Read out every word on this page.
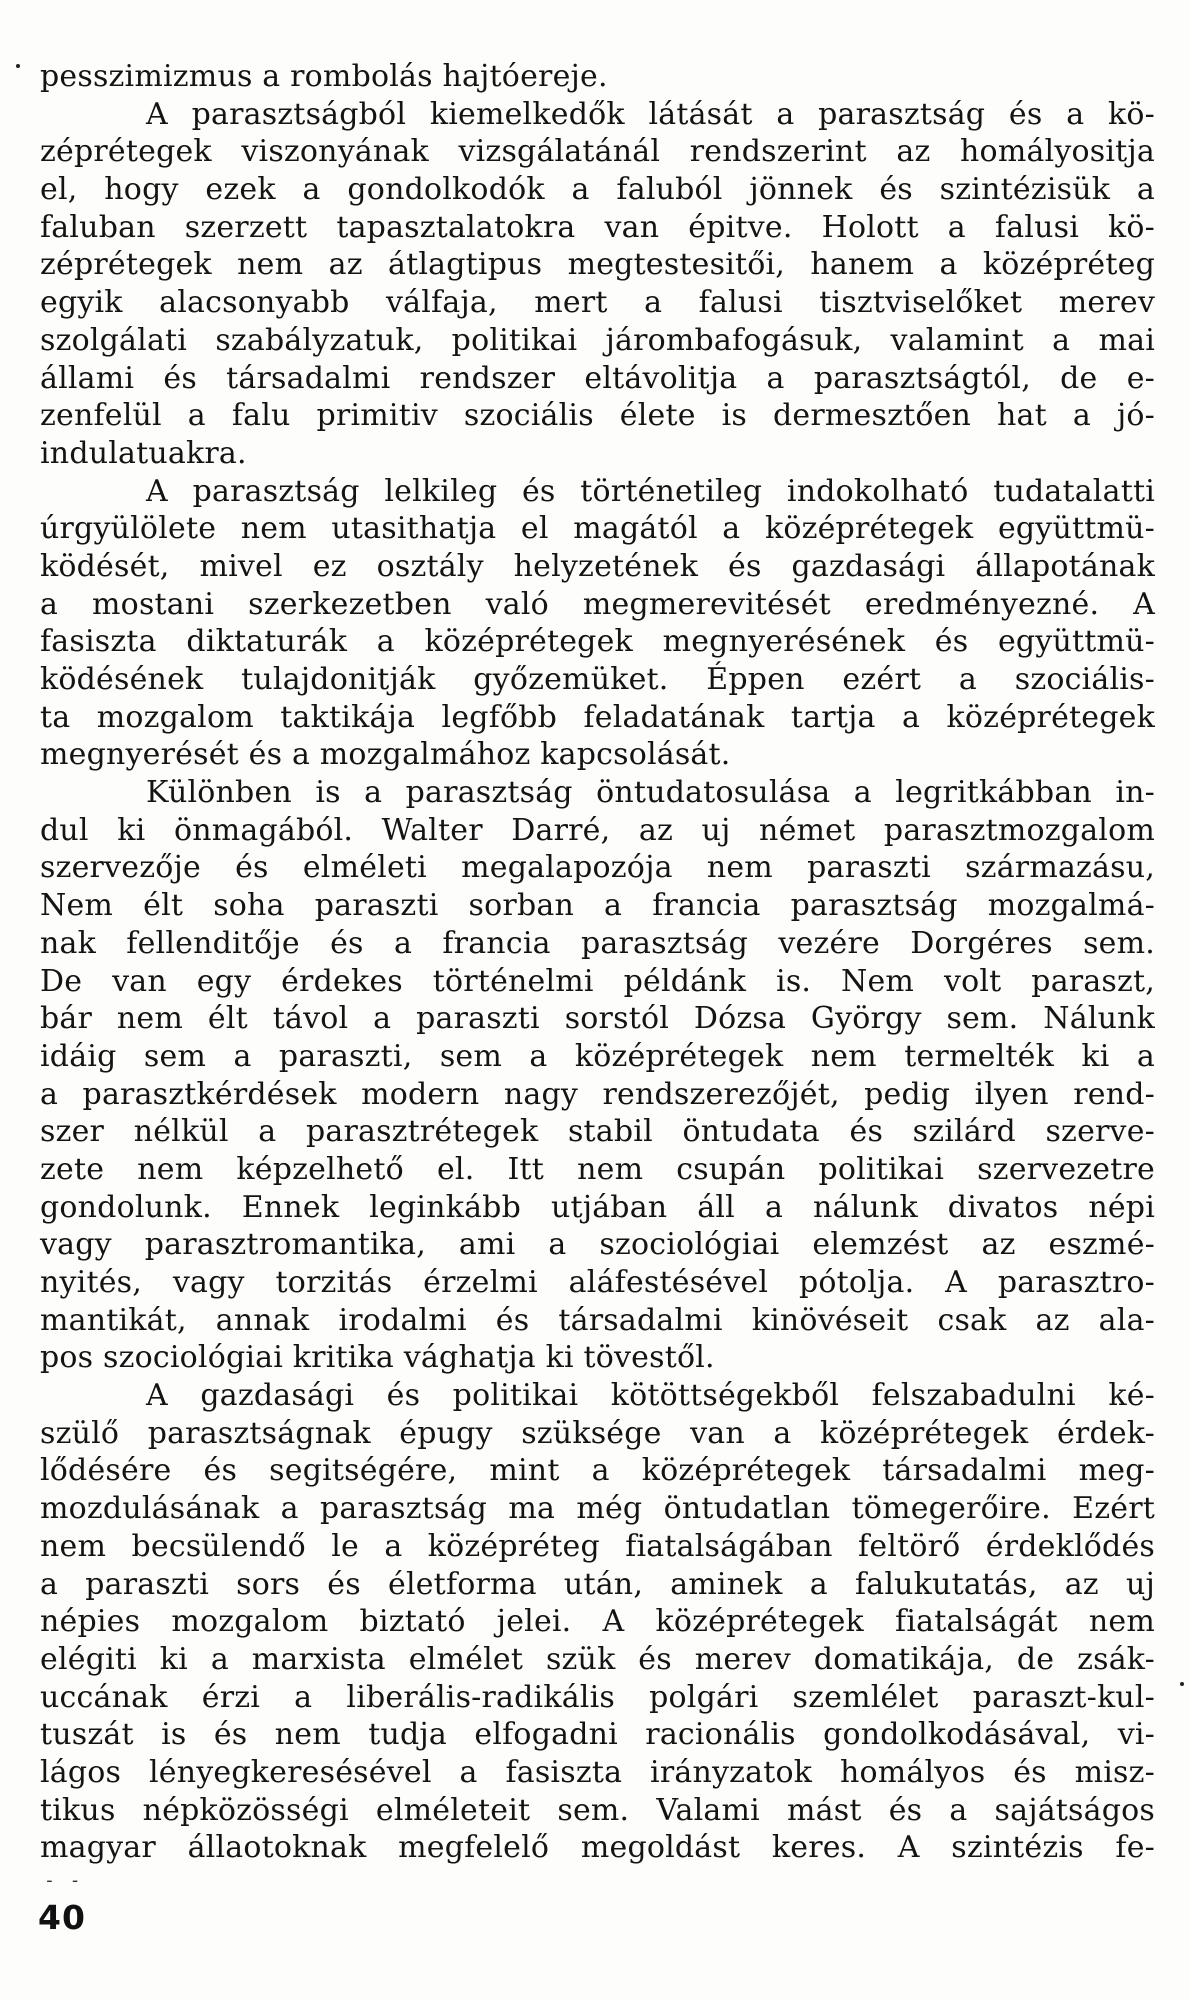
pesszimizmus a rombolás hajtóereje.
A parasztságból kiemelkedők látását a parasztság és a kö-
zéprétegek viszonyának vizsgálatánál rendszerint az homályositja
el, hogy ezek a gondolkodók a faluból jönnek és szintézisük a
faluban szerzett tapasztalatokra van épitve. Holott a falusi kö-
zéprétegek nem az átlagtipus megtestesitői, hanem a középréteg
egyik alacsonyabb válfaja, mert a falusi tisztviselőket merev
szolgálati szabályzatuk, politikai járombafogásuk, valamint a mai
állami és társadalmi rendszer eltávolitja a parasztságtól, de e-
zenfelül a falu primitiv szociális élete is dermesztően hat a jó-
indulatuakra.
A parasztság lelkileg és történetileg indokolható tudatalatti
úrgyülölete nem utasithatja el magától a középrétegek együttmü-
ködését, mivel ez osztály helyzetének és gazdasági állapotának
a mostani szerkezetben való megmerevitését eredményezné. A
fasiszta diktaturák a középrétegek megnyerésének és együttmü-
ködésének tulajdonitják győzemüket. Éppen ezért a szociális-
ta mozgalom taktikája legfőbb feladatának tartja a középrétegek
megnyerését és a mozgalmához kapcsolását.
Különben is a parasztság öntudatosulása a legritkábban in-
dul ki önmagából. Walter Darré, az uj német parasztmozgalom
szervezője és elméleti megalapozója nem paraszti származásu,
Nem élt soha paraszti sorban a francia parasztság mozgalmá-
nak fellenditője és a francia parasztság vezére Dorgéres sem.
De van egy érdekes történelmi példánk is. Nem volt paraszt,
bár nem élt távol a paraszti sorstól Dózsa György sem. Nálunk
idáig sem a paraszti, sem a középrétegek nem termelték ki a
a parasztkérdések modern nagy rendszerezőjét, pedig ilyen rend-
szer nélkül a parasztrétegek stabil öntudata és szilárd szerve-
zete nem képzelhető el. Itt nem csupán politikai szervezetre
gondolunk. Ennek leginkább utjában áll a nálunk divatos népi
vagy parasztromantika, ami a szociológiai elemzést az eszmé-
nyités, vagy torzitás érzelmi aláfestésével pótolja. A parasztro-
mantikát, annak irodalmi és társadalmi kinövéseit csak az ala-
pos szociológiai kritika vághatja ki tövestől.
A gazdasági és politikai kötöttségekből felszabadulni ké-
szülő parasztságnak épugy szüksége van a középrétegek érdek-
lődésére és segitségére, mint a középrétegek társadalmi meg-
mozdulásának a parasztság ma még öntudatlan tömegerőire. Ezért
nem becsülendő le a középréteg fiatalságában feltörő érdeklődés
a paraszti sors és életforma után, aminek a falukutatás, az uj
népies mozgalom biztató jelei. A középrétegek fiatalságát nem
elégiti ki a marxista elmélet szük és merev domatikája, de zsák-
uccának érzi a liberális-radikális polgári szemlélet paraszt-kul-
tuszát is és nem tudja elfogadni racionális gondolkodásával, vi-
lágos lényegkeresésével a fasiszta irányzatok homályos és misz-
tikus népközösségi elméleteit sem. Valami mást és a sajátságos
magyar állaotoknak megfelelő megoldást keres. A szintézis fe-
- -
40
